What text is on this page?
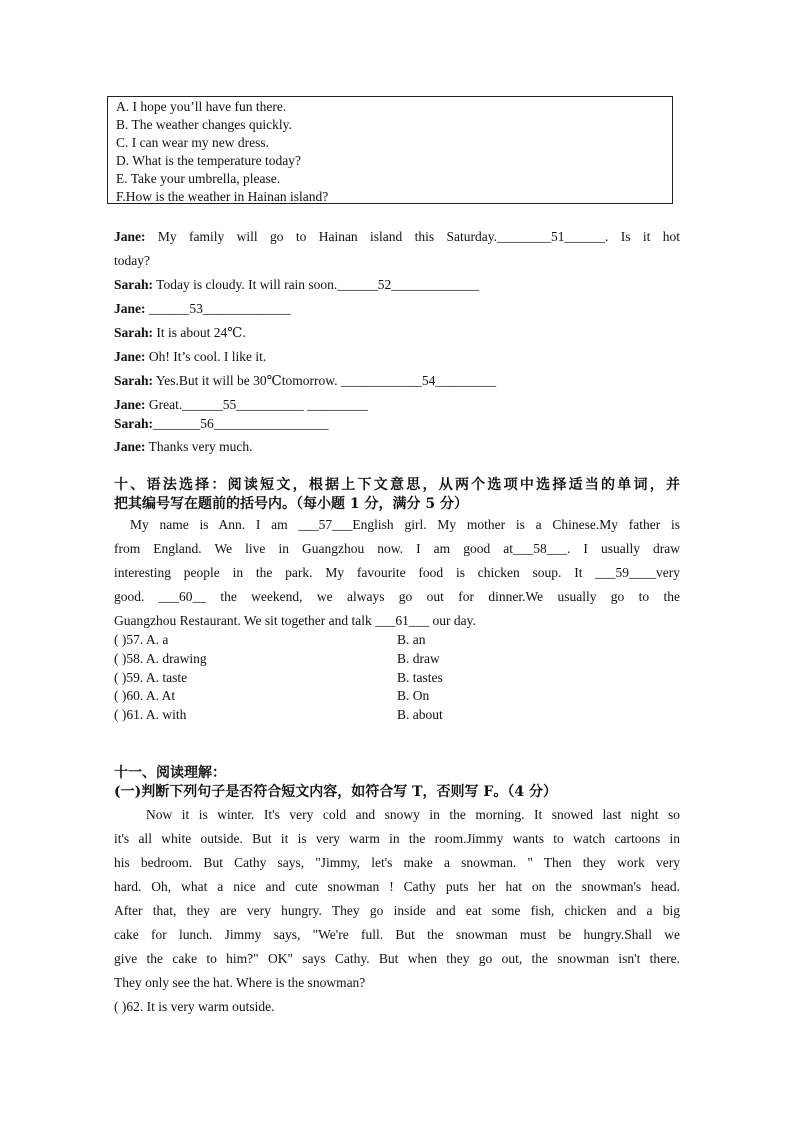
A. I hope you’ll have fun there.
B. The weather changes quickly.
C. I can wear my new dress.
D. What is the temperature today?
E. Take your umbrella, please.
F.How is the weather in Hainan island?
Jane: My family will go to Hainan island this Saturday.________51______. Is it hot
today?
Sarah: Today is cloudy. It will rain soon.______52_____________
Jane: ______53_____________
Sarah: It is about 24℃.
Jane: Oh! It’s cool. I like it.
Sarah: Yes.But it will be 30℃tomorrow. ____________54_________
Jane: Great.______55__________ _________
Sarah:_______56_________________
Jane: Thanks very much.
十、语法选择：阅读短文，根据上下文意思，从两个选项中选择适当的单词，并
把其编号写在题前的括号内。（每小题 1 分，满分 5 分）
My name is Ann. I am ___57___English girl. My mother is a Chinese.My father is
from England. We live in Guangzhou now. I am good at___58___. I usually draw
interesting people in the park. My favourite food is chicken soup. It ___59____very
good. ___60__ the weekend, we always go out for dinner.We usually go to the
Guangzhou Restaurant. We sit together and talk ___61___ our day.
( )57. A. a	B. an
( )58. A. drawing	B. draw
( )59. A. taste	B. tastes
( )60. A. At	B. On
( )61. A. with	B. about
十一、阅读理解：
(一)判断下列句子是否符合短文内容，如符合写 T，否则写 F。（4 分）
Now it is winter. It's very cold and snowy in the morning. It snowed last night so
it's all white outside. But it is very warm in the room.Jimmy wants to watch cartoons in
his bedroom. But Cathy says, "Jimmy, let's make a snowman. " Then they work very
hard. Oh, what a nice and cute snowman ! Cathy puts her hat on the snowman's head.
After that, they are very hungry. They go inside and eat some fish, chicken and a big
cake for lunch. Jimmy says, "We're full. But the snowman must be hungry.Shall we
give the cake to him?" OK" says Cathy. But when they go out, the snowman isn't there.
They only see the hat. Where is the snowman?
( )62. It is very warm outside.
